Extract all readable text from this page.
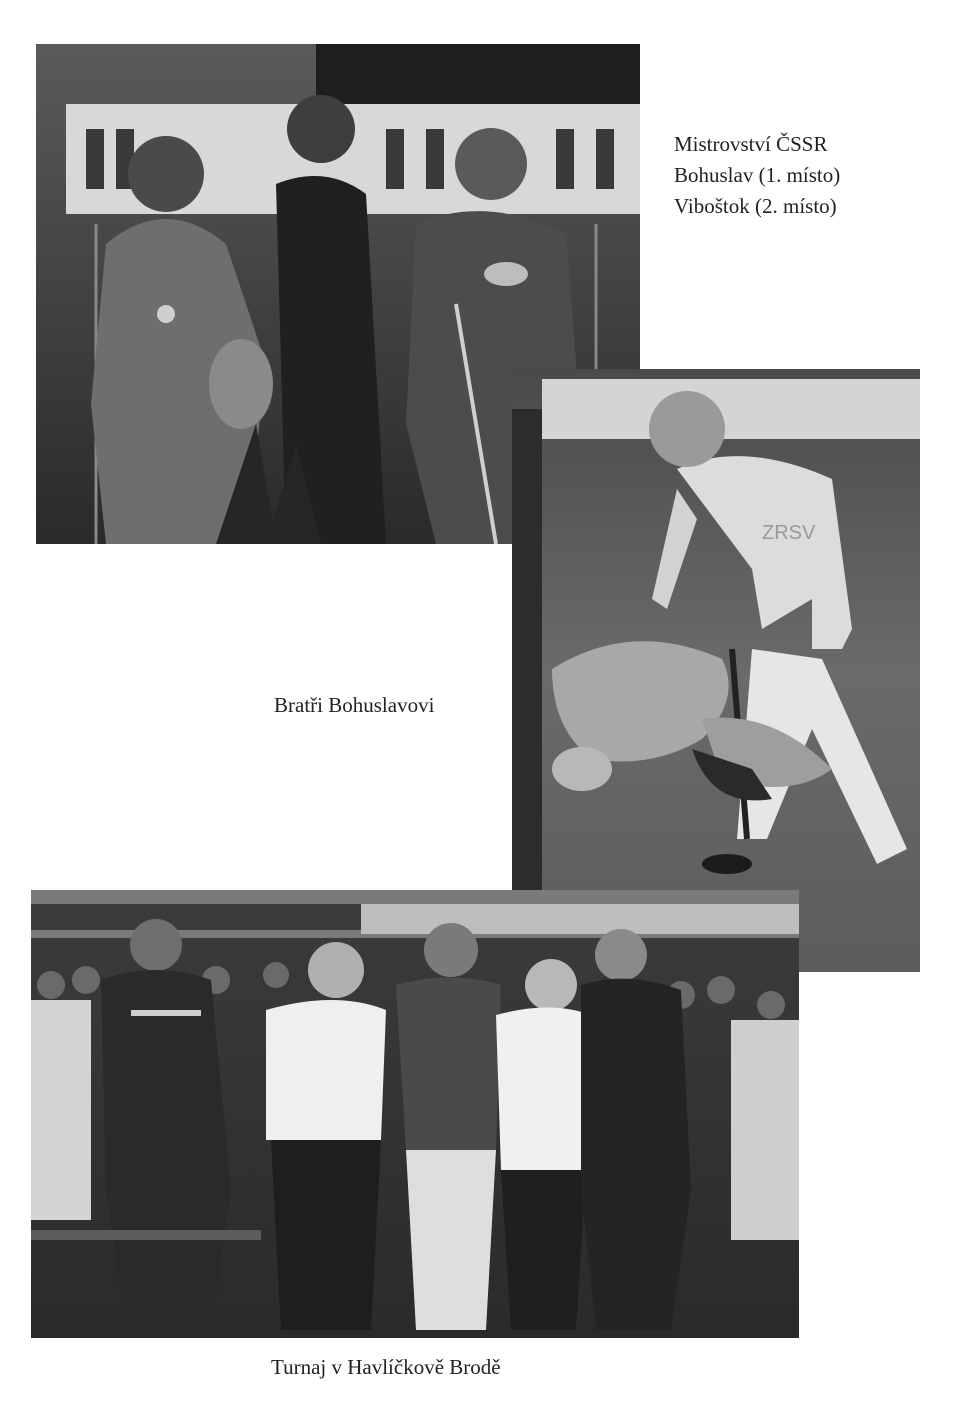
Mistrovství ČSSR
Bohuslav (1. místo)
Viboštok (2. místo)
ZRSV
Bratři Bohuslavovi
Turnaj v Havlíčkově Brodě
